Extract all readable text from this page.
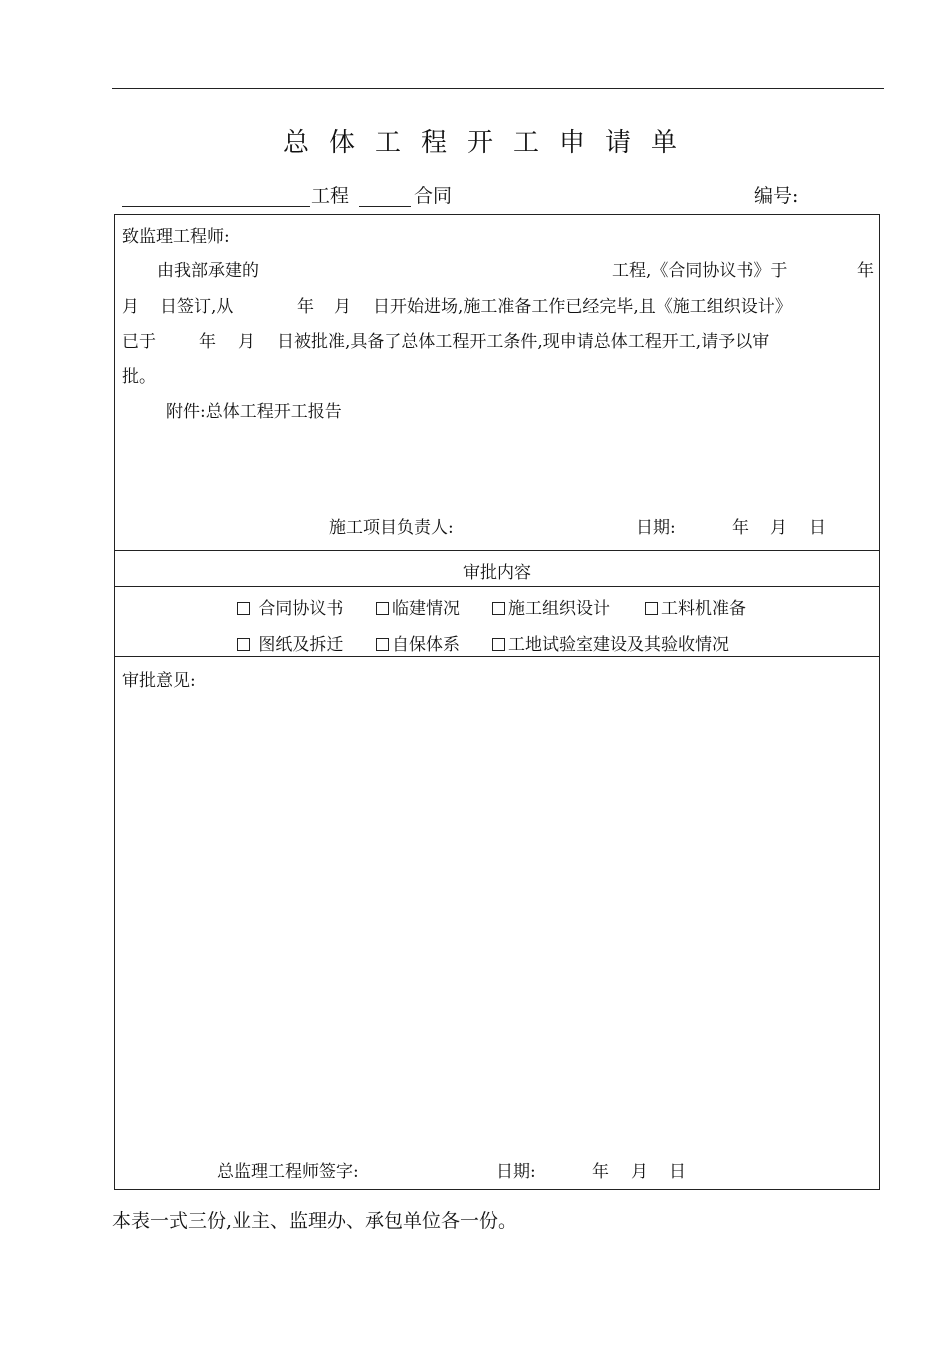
总体工程开工申请单
工程	合同	编号:
致监理工程师:
由我部承建的	工程,《合同协议书》于	年
月 日签订,从	年 月 日开始进场,施工准备工作已经完毕,且《施工组织设计》
已于	年 月 日被批准,具备了总体工程开工条件,现申请总体工程开工,请予以审
批。
附件:总体工程开工报告
施工项目负责人:	日期:	年 月 日
审批内容
合同协议书	临建情况	施工组织设计	工料机准备
图纸及拆迁	自保体系	工地试验室建设及其验收情况
审批意见:
总监理工程师签字:	日期:	年 月 日
本表一式三份,业主、监理办、承包单位各一份。
